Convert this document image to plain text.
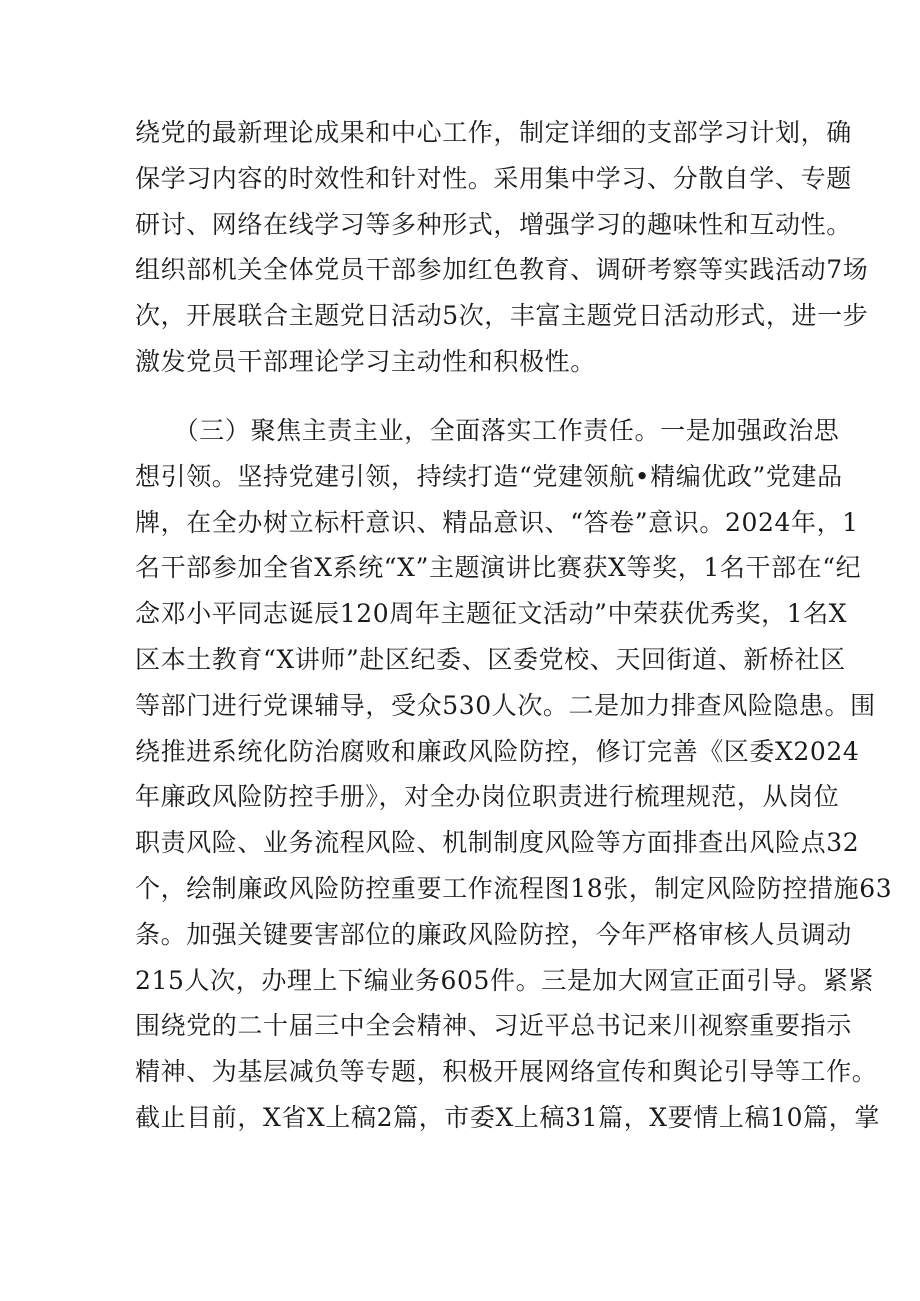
绕党的最新理论成果和中心工作，制定详细的支部学习计划，确
保学习内容的时效性和针对性。采用集中学习、分散自学、专题
研讨、网络在线学习等多种形式，增强学习的趣味性和互动性。
组织部机关全体党员干部参加红色教育、调研考察等实践活动7场
次，开展联合主题党日活动5次，丰富主题党日活动形式，进一步
激发党员干部理论学习主动性和积极性。
　　（三）聚焦主责主业，全面落实工作责任。一是加强政治思
想引领。坚持党建引领，持续打造“党建领航•精编优政”党建品
牌，在全办树立标杆意识、精品意识、“答卷”意识。2024年，1
名干部参加全省X系统“X”主题演讲比赛获X等奖，1名干部在“纪
念邓小平同志诞辰120周年主题征文活动”中荣获优秀奖，1名X
区本土教育“X讲师”赴区纪委、区委党校、天回街道、新桥社区
等部门进行党课辅导，受众530人次。二是加力排查风险隐患。围
绕推进系统化防治腐败和廉政风险防控，修订完善《区委X2024
年廉政风险防控手册》，对全办岗位职责进行梳理规范，从岗位
职责风险、业务流程风险、机制制度风险等方面排查出风险点32
个，绘制廉政风险防控重要工作流程图18张，制定风险防控措施63
条。加强关键要害部位的廉政风险防控，今年严格审核人员调动
215人次，办理上下编业务605件。三是加大网宣正面引导。紧紧
围绕党的二十届三中全会精神、习近平总书记来川视察重要指示
精神、为基层减负等专题，积极开展网络宣传和舆论引导等工作。
截止目前，X省X上稿2篇，市委X上稿31篇，X要情上稿10篇，掌
